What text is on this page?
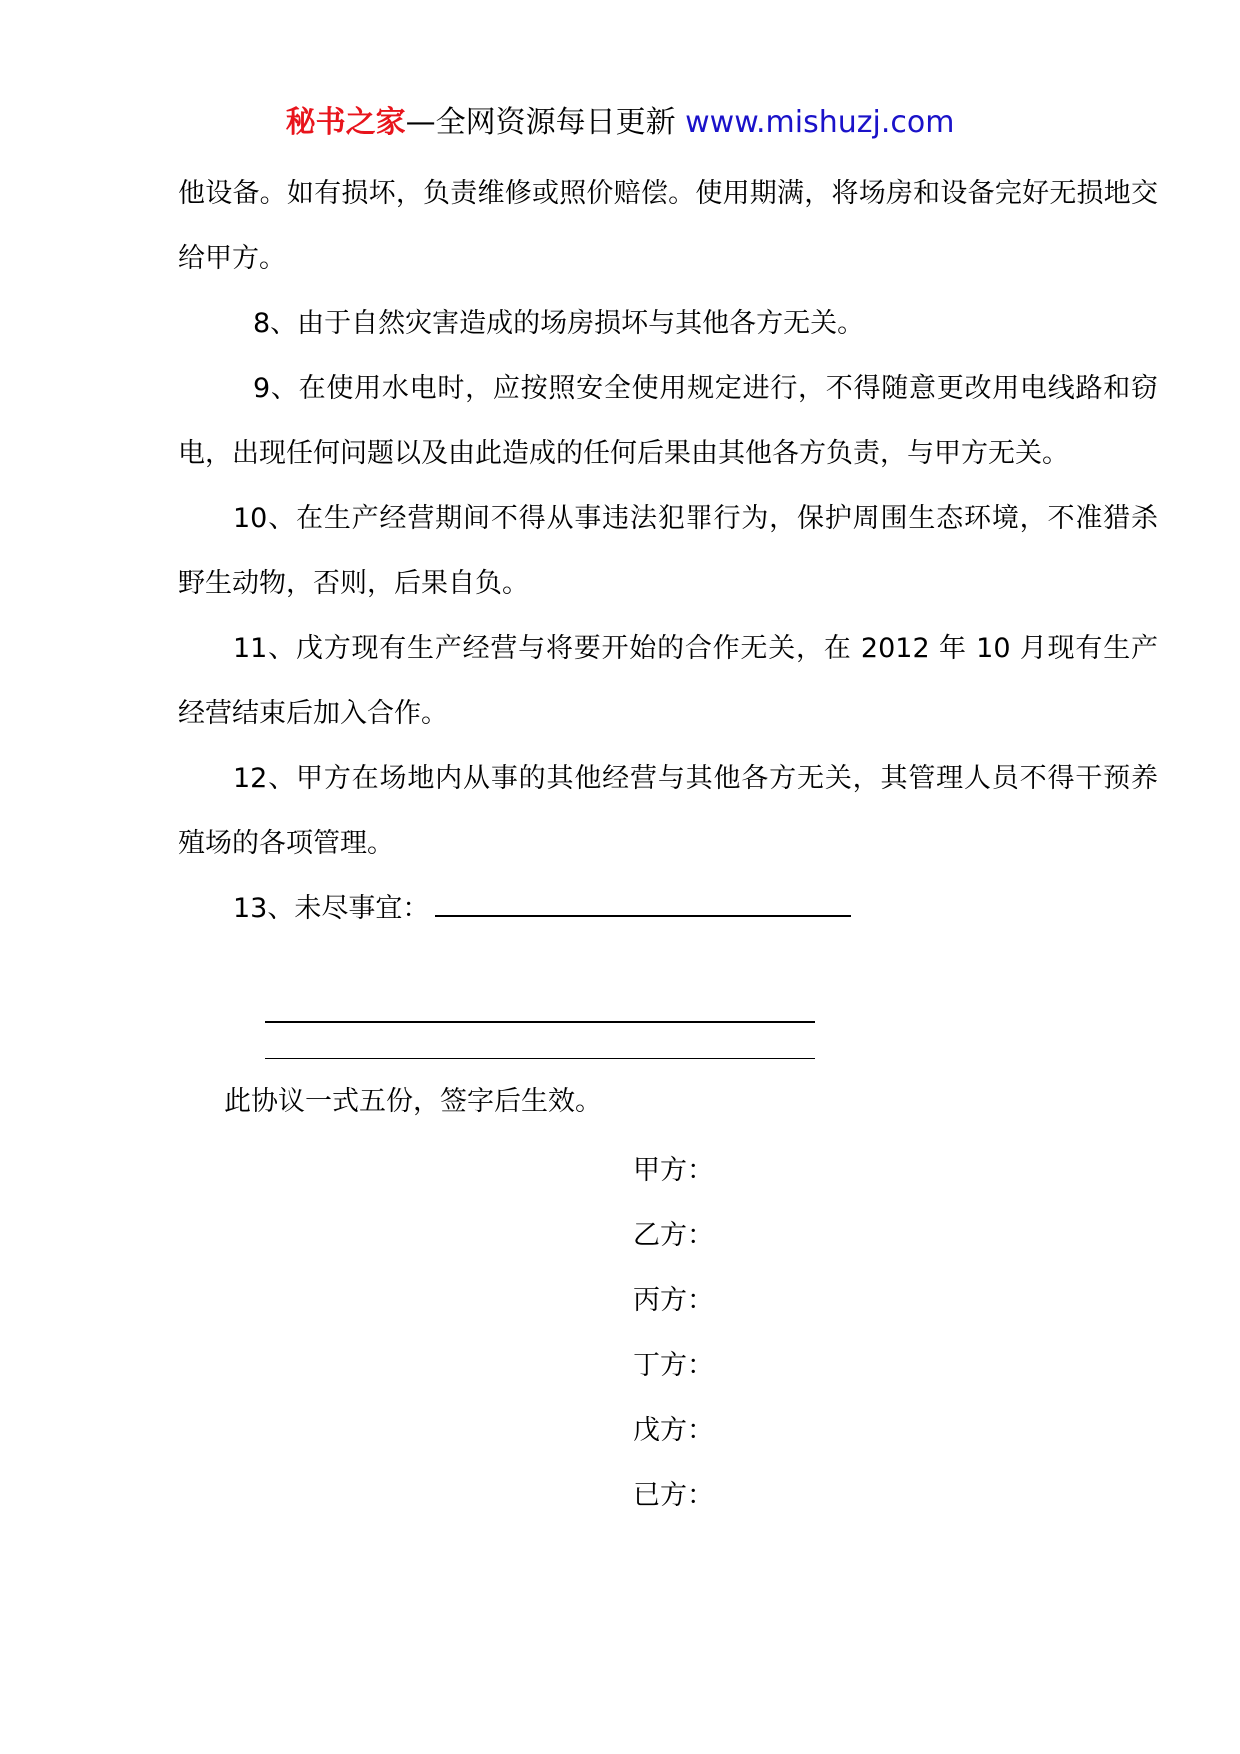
秘书之家—全网资源每日更新 www.mishuzj.com

他设备。如有损坏，负责维修或照价赔偿。使用期满，将场房和设备完好无损地交给甲方。

8、由于自然灾害造成的场房损坏与其他各方无关。

9、在使用水电时，应按照安全使用规定进行，不得随意更改用电线路和窃电，出现任何问题以及由此造成的任何后果由其他各方负责，与甲方无关。

10、在生产经营期间不得从事违法犯罪行为，保护周围生态环境，不准猎杀野生动物，否则，后果自负。

11、戊方现有生产经营与将要开始的合作无关，在 2012 年 10 月现有生产经营结束后加入合作。

12、甲方在场地内从事的其他经营与其他各方无关，其管理人员不得干预养殖场的各项管理。

13、未尽事宜：

此协议一式五份，签字后生效。
甲方：
乙方：
丙方：
丁方：
戊方：
已方：
